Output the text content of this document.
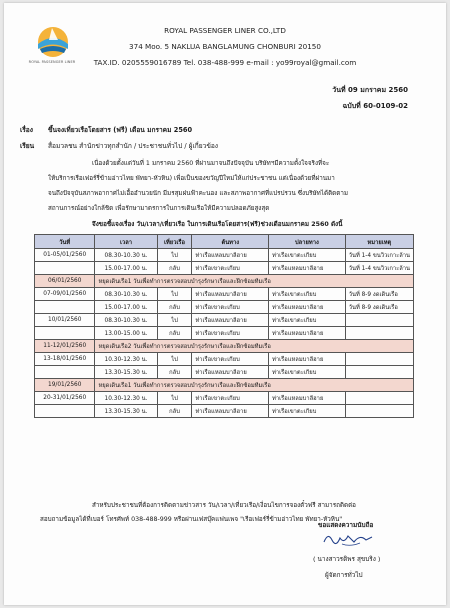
ROYAL PASSENGER LINER
ROYAL PASSENGER LINER CO.,LTD
374 Moo. 5 NAKLUA BANGLAMUNG CHONBURI 20150
TAX.ID. 0205559016789 Tel. 038-488-999 e-mail : yo99royal@gmail.com
วันที่ 09 มกราคม 2560
ฉบับที่ 60-0109-02
เรื่อง ขึ้นจงเที่ยวเรือโดยสาร (ฟรี) เดือน มกราคม 2560
เรียน สื่อมวลชน สำนักข่าวทุกสำนัก / ประชาชนทั่วไป / ผู้เกี่ยวข้อง
เนื่องด้วยตั้งแต่วันที่ 1 มกราคม 2560 ที่ผ่านมาจนถึงปัจจุบัน บริษัทฯมีความตั้งใจจริงที่จะ
ให้บริการเรือเฟอร์รี่ข้ามอ่าวไทย พัทยา-หัวหิน) เพื่อเป็นของขวัญปีใหม่ให้แก่ประชาชน แต่เนื่องด้วยที่ผ่านมา
จนถึงปัจจุบันสภาพอากาศไม่เอื้ออำนวยนัก มีมรสุมฝนฟ้าคะนอง และสภาพอากาศที่แปรปรวน ซึ่งบริษัทได้ติดตาม
สถานการณ์อย่างใกล้ชิด เพื่อรักษามาตรการในการเดินเรือให้มีความปลอดภัยสูงสุด
จึงขอชี้แจงเรื่อง วัน/เวลา/เที่ยวเรือ ในการเดินเรือโดยสาร(ฟรี)ช่วงเดือนมกราคม 2560 ดังนี้
วันที่	เวลา	เที่ยวเรือ	ต้นทาง	ปลายทาง	หมายเหตุ
01-05/01/2560	08.30-10.30 น.	ไป	ท่าเรือแหลมบาลีฮาย	ท่าเรือเขาตะเกียบ	วันที่ 1-4 ขนวิวเกาะล้าน
	15.00-17.00 น.	กลับ	ท่าเรือเขาตะเกียบ	ท่าเรือแหลมบาลีฮาย	วันที่ 1-4 ขนวิวเกาะล้าน
06/01/2560	หยุดเดินเรือ1 วันเพื่อทำการตรวจสอบบำรุงรักษาเรือและฝึกซ้อมทีมเรือ				
07-09/01/2560	08.30-10.30 น.	ไป	ท่าเรือแหลมบาลีฮาย	ท่าเรือเขาตะเกียบ	วันที่ 8-9 งดเดินเรือ
	15.00-17.00 น.	กลับ	ท่าเรือเขาตะเกียบ	ท่าเรือแหลมบาลีฮาย	วันที่ 8-9 งดเดินเรือ
10/01/2560	08.30-10.30 น.	ไป	ท่าเรือแหลมบาลีฮาย	ท่าเรือเขาตะเกียบ	
	13.00-15.00 น.	กลับ	ท่าเรือเขาตะเกียบ	ท่าเรือแหลมบาลีฮาย	
11-12/01/2560	หยุดเดินเรือ2 วันเพื่อทำการตรวจสอบบำรุงรักษาเรือและฝึกซ้อมทีมเรือ				
13-18/01/2560	10.30-12.30 น.	ไป	ท่าเรือเขาตะเกียบ	ท่าเรือแหลมบาลีฮาย	
	13.30-15.30 น.	กลับ	ท่าเรือแหลมบาลีฮาย	ท่าเรือเขาตะเกียบ	
19/01/2560	หยุดเดินเรือ1 วันเพื่อทำการตรวจสอบบำรุงรักษาเรือและฝึกซ้อมทีมเรือ				
20-31/01/2560	10.30-12.30 น.	ไป	ท่าเรือเขาตะเกียบ	ท่าเรือแหลมบาลีฮาย	
	13.30-15.30 น.	กลับ	ท่าเรือแหลมบาลีฮาย	ท่าเรือเขาตะเกียบ	
สำหรับประชาชนที่ต้องการติดตามข่าวสาร วัน/เวลา/เที่ยวเรือ/เงื่อนไขการจองตั๋วฟรี สามารถติดต่อ
สอบถามข้อมูลได้ที่เบอร์ โทรศัพท์ 038-488-999 หรือผ่านเฟสบุ๊คแฟนเพจ "เรือเฟอร์รี่ข้ามอ่าวไทย พัทยา-หัวหิน"
ขอแสดงความนับถือ
( นางสาวรติพร สุขบริง )
ผู้จัดการทั่วไป
